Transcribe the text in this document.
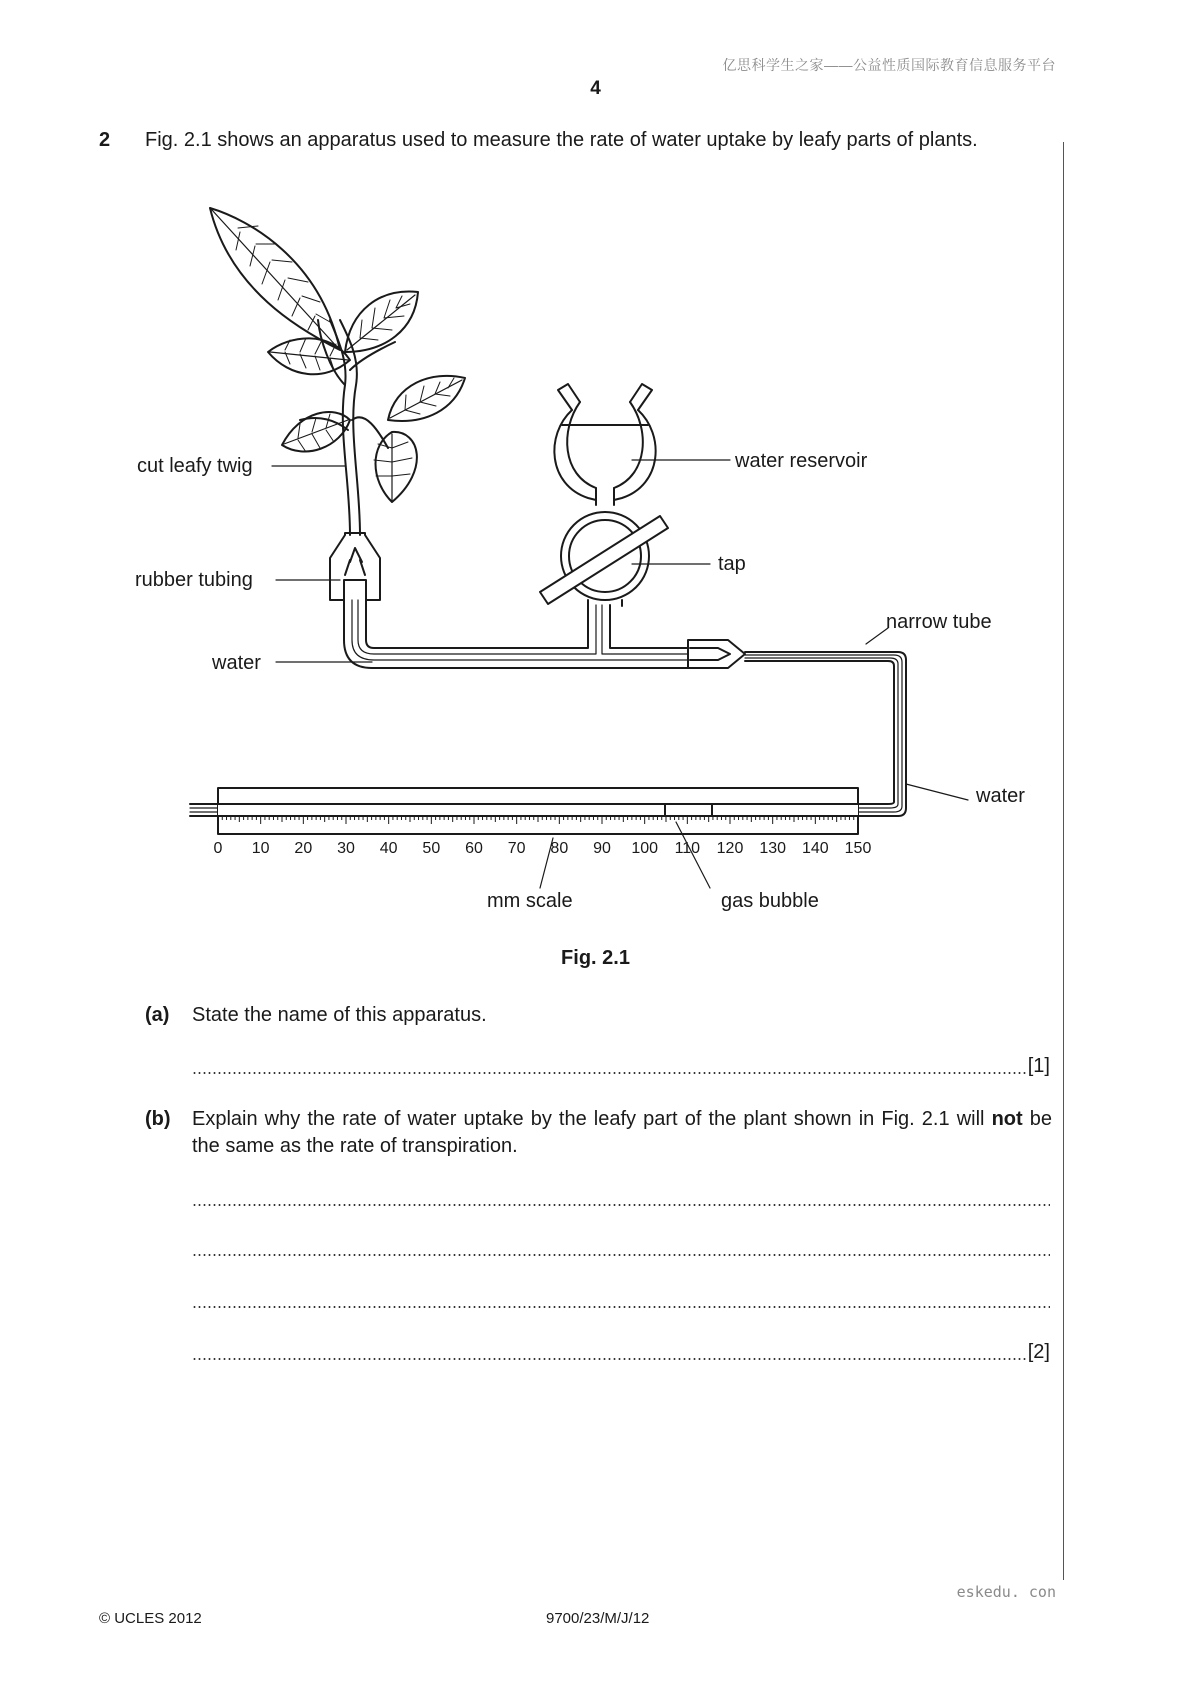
亿思科学生之家——公益性质国际教育信息服务平台
4
2 Fig. 2.1 shows an apparatus used to measure the rate of water uptake by leafy parts of plants.
0 10 20 30 40 50 60 70 80 90 100 110 120 130 140 150
cut leafy twig
rubber tubing
water
water reservoir
tap
narrow tube
water
mm scale	gas bubble
Fig. 2.1
(a) State the name of this apparatus.
[1]
(b) Explain why the rate of water uptake by the leafy part of the plant shown in Fig. 2.1 will not be the same as the rate of transpiration.
[2]
eskedu. con
© UCLES 2012	9700/23/M/J/12
